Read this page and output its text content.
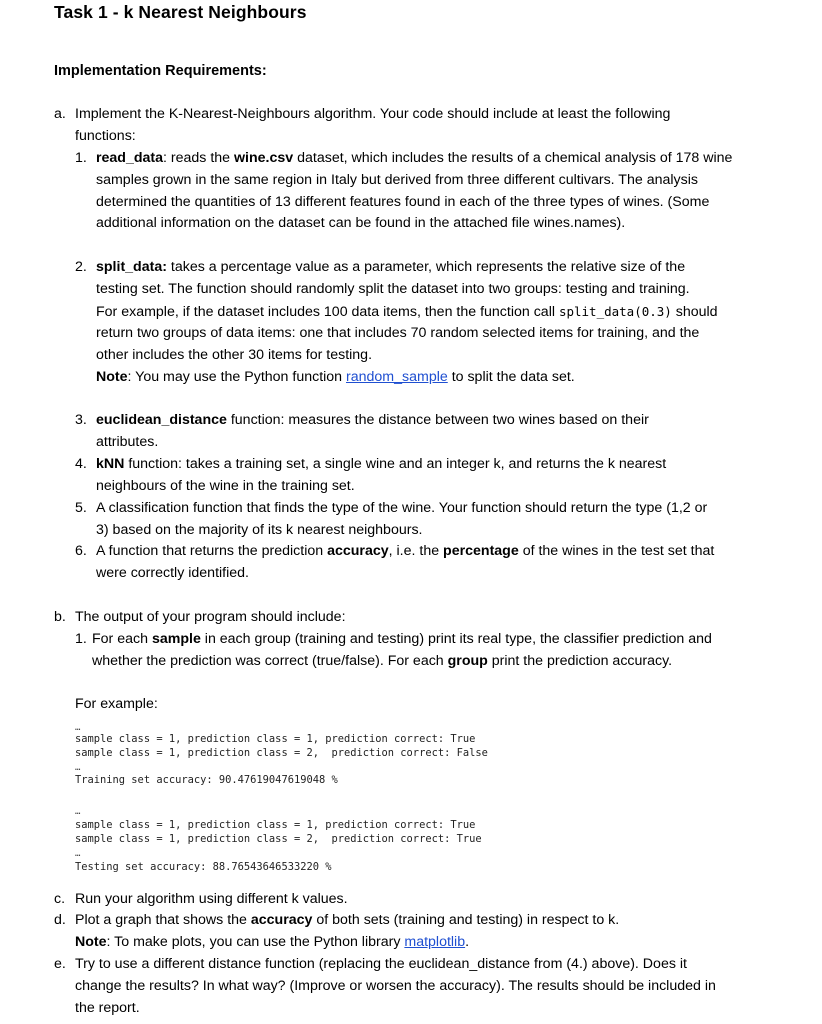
Task 1 - k Nearest Neighbours
Implementation Requirements:
a. Implement the K-Nearest-Neighbours algorithm. Your code should include at least the following functions:
1. read_data: reads the wine.csv dataset, which includes the results of a chemical analysis of 178 wine samples grown in the same region in Italy but derived from three different cultivars. The analysis determined the quantities of 13 different features found in each of the three types of wines. (Some additional information on the dataset can be found in the attached file wines.names).
2. split_data: takes a percentage value as a parameter, which represents the relative size of the testing set. The function should randomly split the dataset into two groups: testing and training.
For example, if the dataset includes 100 data items, then the function call split_data(0.3) should return two groups of data items: one that includes 70 random selected items for training, and the other includes the other 30 items for testing.
Note: You may use the Python function random_sample to split the data set.
3. euclidean_distance function: measures the distance between two wines based on their attributes.
4. kNN function: takes a training set, a single wine and an integer k, and returns the k nearest neighbours of the wine in the training set.
5. A classification function that finds the type of the wine. Your function should return the type (1,2 or 3) based on the majority of its k nearest neighbours.
6. A function that returns the prediction accuracy, i.e. the percentage of the wines in the test set that were correctly identified.
b. The output of your program should include:
1. For each sample in each group (training and testing) print its real type, the classifier prediction and whether the prediction was correct (true/false). For each group print the prediction accuracy.
For example:
…
sample class = 1, prediction class = 1, prediction correct: True
sample class = 1, prediction class = 2,  prediction correct: False
…
Training set accuracy: 90.47619047619048 %
…
sample class = 1, prediction class = 1, prediction correct: True
sample class = 1, prediction class = 2,  prediction correct: True
…
Testing set accuracy: 88.76543646533220 %
c. Run your algorithm using different k values.
d. Plot a graph that shows the accuracy of both sets (training and testing) in respect to k.
Note: To make plots, you can use the Python library matplotlib.
e. Try to use a different distance function (replacing the euclidean_distance from (4.) above). Does it change the results? In what way? (Improve or worsen the accuracy). The results should be included in the report.
